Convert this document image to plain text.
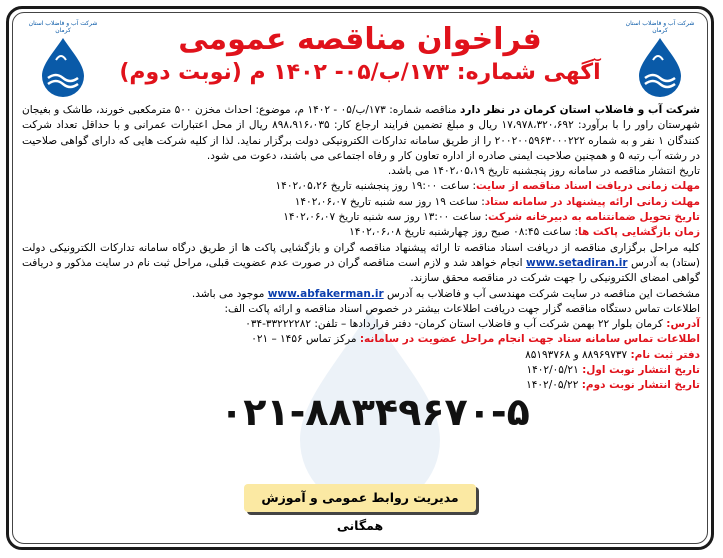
شرکت آب و فاضلاب استان کرمان
شرکت آب و فاضلاب استان کرمان
فراخوان مناقصه عمومی
آگهی شماره: ۱۷۳/ب/۰۵- ۱۴۰۲ م (نوبت دوم)

شرکت آب و فاضلاب استان کرمان در نظر دارد مناقصه شماره: ۱۷۳/ب/۰۵ - ۱۴۰۲ م، موضوع: احداث مخزن ۵۰۰ مترمکعبی خورند، طاشک و بغیجان شهرستان راور را با برآورد: ۱۷،۹۷۸،۳۲۰،۶۹۲ ریال و مبلغ تضمین فرایند ارجاع کار: ۸۹۸،۹۱۶،۰۳۵ ریال از محل اعتبارات عمرانی و با حداقل تعداد شرکت کنندگان ۱ نفر و به شماره ۲۰۰۲۰۰۵۹۶۳۰۰۰۲۲۲ را از طریق سامانه تدارکات الکترونیکی دولت برگزار نماید. لذا از کلیه شرکت هایی که دارای گواهی صلاحیت در رشته آب رتبه ۵ و همچنین صلاحیت ایمنی صادره از اداره تعاون کار و رفاه اجتماعی می باشند، دعوت می شود.

تاریخ انتشار مناقصه در سامانه روز پنجشنبه تاریخ ۱۴۰۲،۰۵،۱۹ می باشد.

مهلت زمانی دریافت اسناد مناقصه از سایت: ساعت ۱۹:۰۰ روز پنجشنبه تاریخ ۱۴۰۲،۰۵،۲۶

مهلت زمانی ارائه پیشنهاد در سامانه ستاد: ساعت ۱۹ روز سه شنبه تاریخ ۱۴۰۲،۰۶،۰۷

تاریخ تحویل ضمانتنامه به دبیرخانه شرکت: ساعت ۱۳:۰۰ روز سه شنبه تاریخ ۱۴۰۲،۰۶،۰۷

زمان بازگشایی پاکت ها: ساعت ۰۸:۴۵ صبح روز چهارشنبه تاریخ ۱۴۰۲،۰۶،۰۸

کلیه مراحل برگزاری مناقصه از دریافت اسناد مناقصه تا ارائه پیشنهاد مناقصه گران و بازگشایی پاکت ها از طریق درگاه سامانه تدارکات الکترونیکی دولت (ستاد) به آدرس www.setadiran.ir انجام خواهد شد و لازم است مناقصه گران در صورت عدم عضویت قبلی، مراحل ثبت نام در سایت مذکور و دریافت گواهی امضای الکترونیکی را جهت شرکت در مناقصه محقق سازند.

مشخصات این مناقصه در سایت شرکت مهندسی آب و فاضلاب به آدرس www.abfakerman.ir موجود می باشد.

اطلاعات تماس دستگاه مناقصه گزار جهت دریافت اطلاعات بیشتر در خصوص اسناد مناقصه و ارائه پاکت الف:

آدرس: کرمان بلوار ۲۲ بهمن شرکت آب و فاضلاب استان کرمان- دفتر قراردادها – تلفن: ۳۳۲۲۲۲۸۲-۰۳۴

اطلاعات تماس سامانه ستاد جهت انجام مراحل عضویت در سامانه: مرکز تماس ۱۴۵۶ – ۰۲۱

دفتر ثبت نام: ۸۸۹۶۹۷۳۷ و ۸۵۱۹۳۷۶۸

تاریخ انتشار نوبت اول: ۱۴۰۲/۰۵/۲۱

تاریخ انتشار نوبت دوم: ۱۴۰۲/۰۵/۲۲

۰۲۱-۸۸۳۴۹۶۷۰-۵
مدیریت روابط عمومی و آموزش همگانی
